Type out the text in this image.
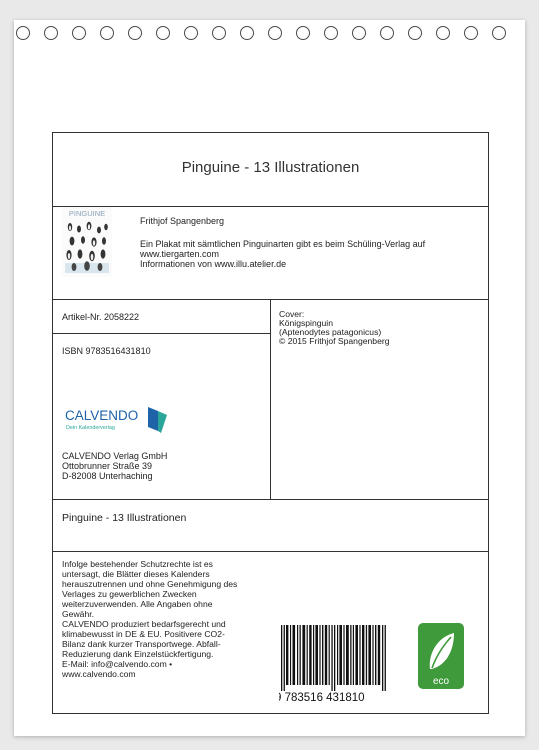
Pinguine - 13 Illustrationen
PINGUINE
Frithjof Spangenberg
Ein Plakat mit sämtlichen Pinguinarten gibt es beim Schüling-Verlag auf
www.tiergarten.com
Informationen von www.illu.atelier.de
Artikel-Nr. 2058222
ISBN 9783516431810
CALVENDO
Dein Kalenderverlag
CALVENDO Verlag GmbH
Ottobrunner Straße 39
D-82008 Unterhaching
Cover:
Königspinguin
(Aptenodytes patagonicus)
© 2015 Frithjof Spangenberg
Pinguine - 13 Illustrationen
Infolge bestehender Schutzrechte ist es
untersagt, die Blätter dieses Kalenders
herauszutrennen und ohne Genehmigung des
Verlages zu gewerblichen Zwecken
weiterzuverwenden. Alle Angaben ohne
Gewähr.
CALVENDO produziert bedarfsgerecht und
klimabewusst in DE & EU. Positivere CO2-
Bilanz dank kurzer Transportwege. Abfall-
Reduzierung dank Einzelstückfertigung.
E-Mail: info@calvendo.com •
www.calvendo.com
9 783516 431810
eco
